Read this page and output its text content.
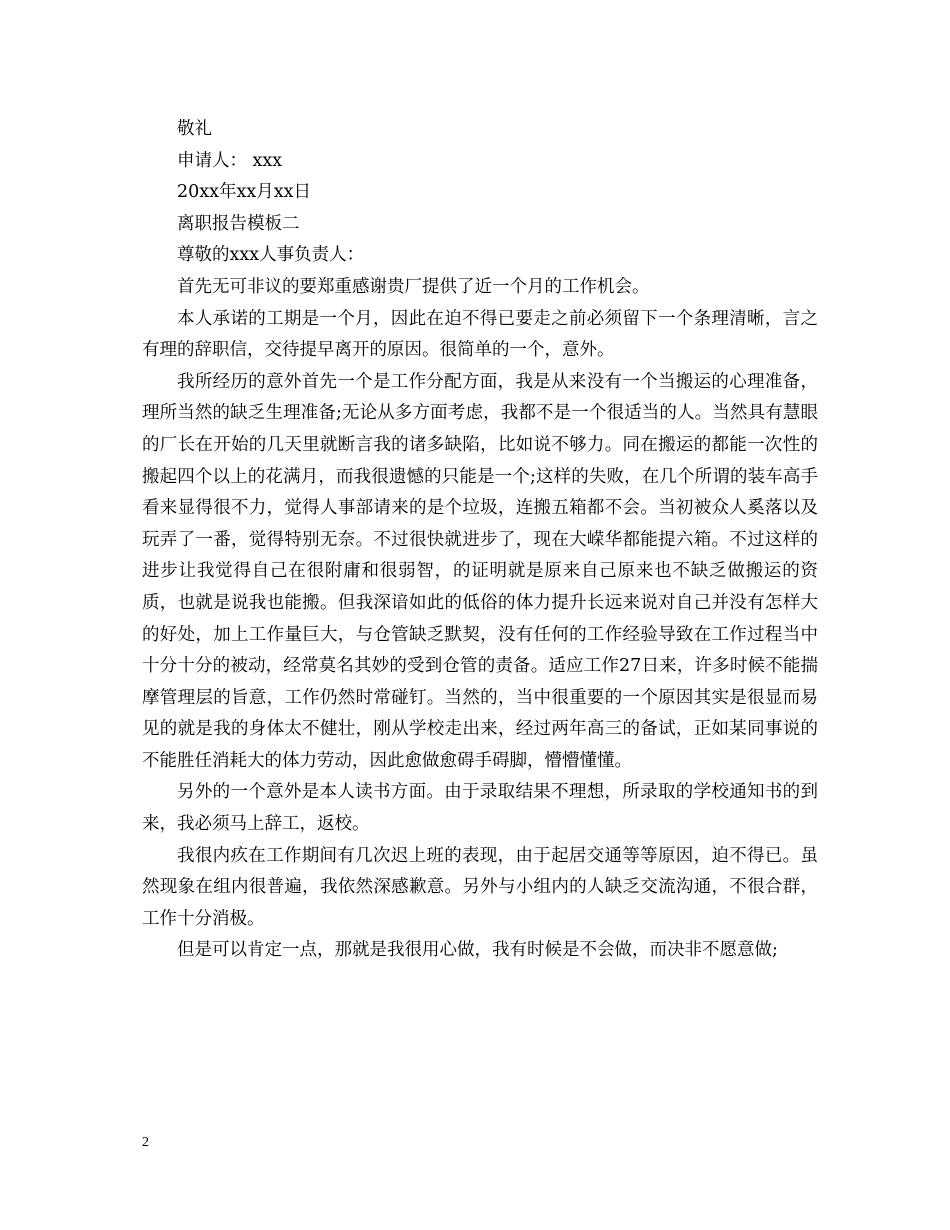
敬礼
申请人： xxx
20xx年xx月xx日
离职报告模板二
尊敬的xxx人事负责人：

首先无可非议的要郑重感谢贵厂提供了近一个月的工作机会。

本人承诺的工期是一个月，因此在迫不得已要走之前必须留下一个条理清晰，言之有理的辞职信，交待提早离开的原因。很简单的一个，意外。

我所经历的意外首先一个是工作分配方面，我是从来没有一个当搬运的心理准备，理所当然的缺乏生理准备;无论从多方面考虑，我都不是一个很适当的人。当然具有慧眼的厂长在开始的几天里就断言我的诸多缺陷，比如说不够力。同在搬运的都能一次性的搬起四个以上的花满月，而我很遗憾的只能是一个;这样的失败，在几个所谓的装车高手看来显得很不力，觉得人事部请来的是个垃圾，连搬五箱都不会。当初被众人奚落以及玩弄了一番，觉得特别无奈。不过很快就进步了，现在大嵘华都能提六箱。不过这样的进步让我觉得自己在很附庸和很弱智，的证明就是原来自己原来也不缺乏做搬运的资质，也就是说我也能搬。但我深谙如此的低俗的体力提升长远来说对自己并没有怎样大的好处，加上工作量巨大，与仓管缺乏默契，没有任何的工作经验导致在工作过程当中十分十分的被动，经常莫名其妙的受到仓管的责备。适应工作27日来，许多时候不能揣摩管理层的旨意，工作仍然时常碰钉。当然的，当中很重要的一个原因其实是很显而易见的就是我的身体太不健壮，刚从学校走出来，经过两年高三的备试，正如某同事说的不能胜任消耗大的体力劳动，因此愈做愈碍手碍脚，懵懵懂懂。

另外的一个意外是本人读书方面。由于录取结果不理想，所录取的学校通知书的到来，我必须马上辞工，返校。

我很内疚在工作期间有几次迟上班的表现，由于起居交通等等原因，迫不得已。虽然现象在组内很普遍，我依然深感歉意。另外与小组内的人缺乏交流沟通，不很合群，工作十分消极。

但是可以肯定一点，那就是我很用心做，我有时候是不会做，而决非不愿意做;

2
